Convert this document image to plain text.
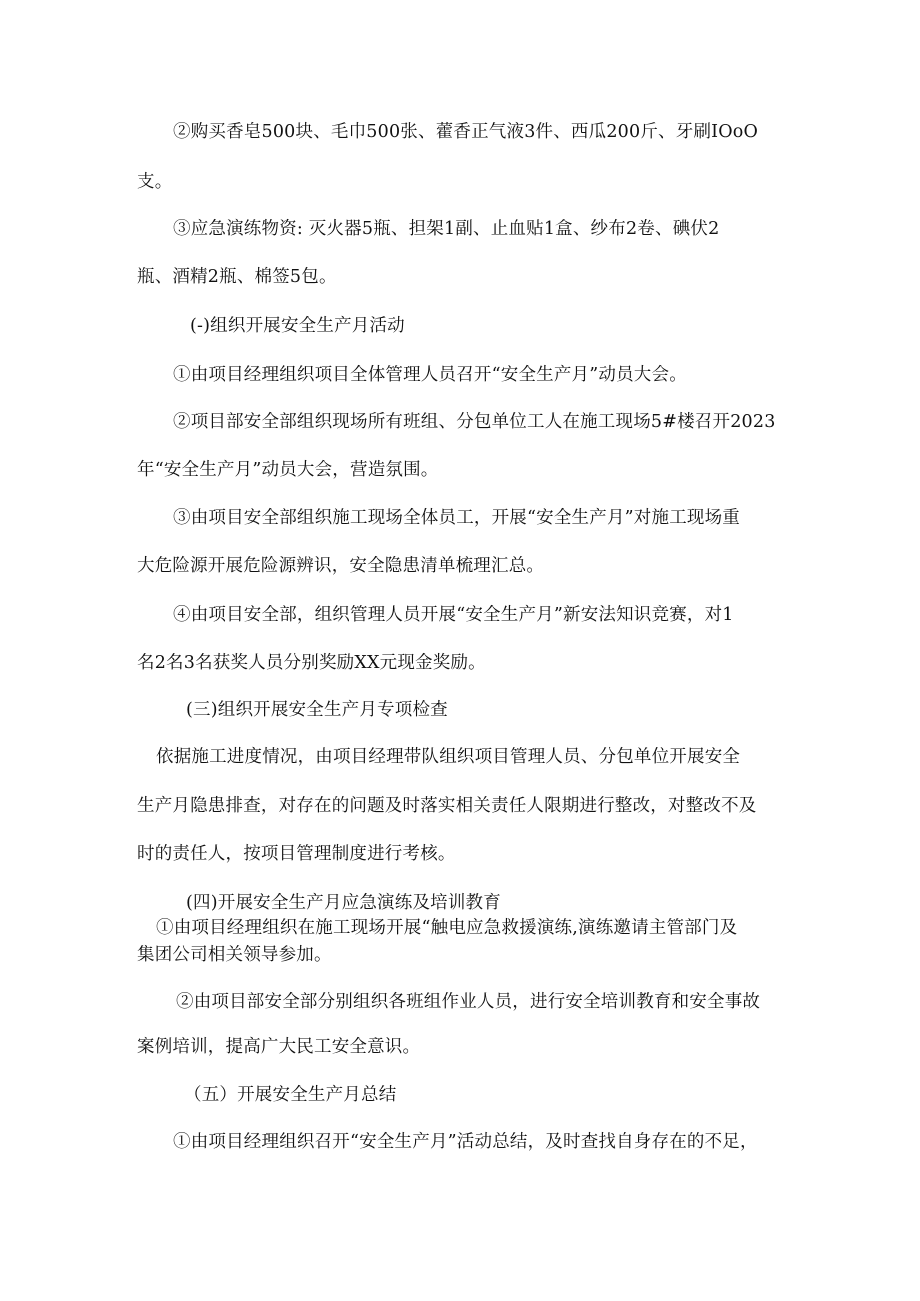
②购买香皂500块、毛巾500张、藿香正气液3件、西瓜200斤、牙刷IOoO
支。
③应急演练物资: 灭火器5瓶、担架1副、止血贴1盒、纱布2卷、碘伏2
瓶、酒精2瓶、棉签5包。
(-)组织开展安全生产月活动
①由项目经理组织项目全体管理人员召开“安全生产月”动员大会。
②项目部安全部组织现场所有班组、分包单位工人在施工现场5#楼召开2023
年“安全生产月”动员大会，营造氛围。
③由项目安全部组织施工现场全体员工，开展“安全生产月”对施工现场重
大危险源开展危险源辨识，安全隐患清单梳理汇总。
④由项目安全部，组织管理人员开展“安全生产月”新安法知识竞赛，对1
名2名3名获奖人员分别奖励XX元现金奖励。
(三)组织开展安全生产月专项检查
依据施工进度情况，由项目经理带队组织项目管理人员、分包单位开展安全
生产月隐患排查，对存在的问题及时落实相关责任人限期进行整改，对整改不及
时的责任人，按项目管理制度进行考核。
(四)开展安全生产月应急演练及培训教育
①由项目经理组织在施工现场开展“触电应急救援演练,演练邀请主管部门及
集团公司相关领导参加。
②由项目部安全部分别组织各班组作业人员，进行安全培训教育和安全事故
案例培训，提高广大民工安全意识。
（五）开展安全生产月总结
①由项目经理组织召开“安全生产月”活动总结，及时查找自身存在的不足，
